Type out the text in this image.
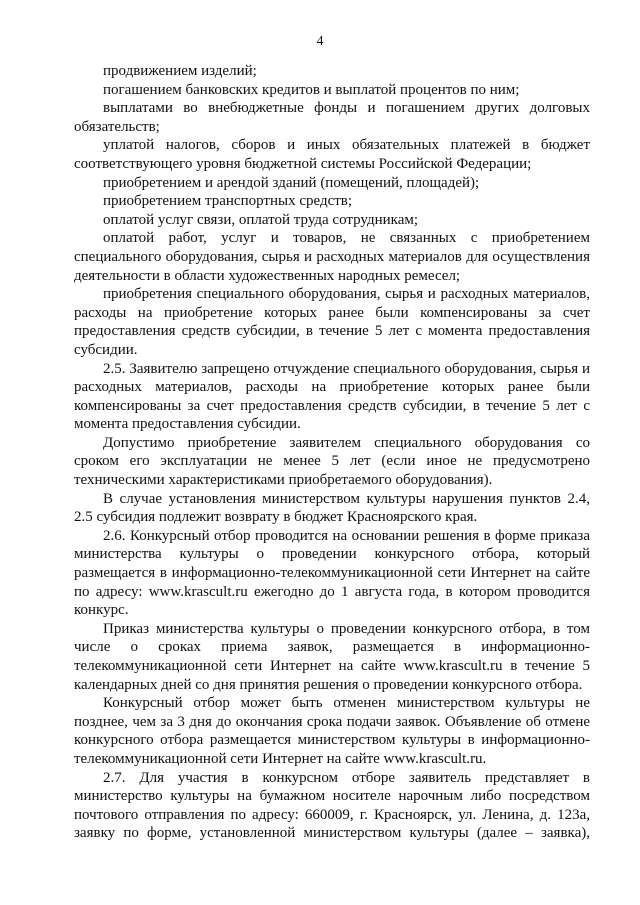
4

продвижением изделий;

погашением банковских кредитов и выплатой процентов по ним;

выплатами во внебюджетные фонды и погашением других долговых обязательств;

уплатой налогов, сборов и иных обязательных платежей в бюджет соответствующего уровня бюджетной системы Российской Федерации;

приобретением и арендой зданий (помещений, площадей);

приобретением транспортных средств;

оплатой услуг связи, оплатой труда сотрудникам;

оплатой работ, услуг и товаров, не связанных с приобретением специального оборудования, сырья и расходных материалов для осуществления деятельности в области художественных народных ремесел;

приобретения специального оборудования, сырья и расходных материалов, расходы на приобретение которых ранее были компенсированы за счет предоставления средств субсидии, в течение 5 лет с момента предоставления субсидии.

2.5. Заявителю запрещено отчуждение специального оборудования, сырья и расходных материалов, расходы на приобретение которых ранее были компенсированы за счет предоставления средств субсидии, в течение 5 лет с момента предоставления субсидии.

Допустимо приобретение заявителем специального оборудования со сроком его эксплуатации не менее 5 лет (если иное не предусмотрено техническими характеристиками приобретаемого оборудования).

В случае установления министерством культуры нарушения пунктов 2.4, 2.5 субсидия подлежит возврату в бюджет Красноярского края.

2.6. Конкурсный отбор проводится на основании решения в форме приказа министерства культуры о проведении конкурсного отбора, который размещается в информационно-телекоммуникационной сети Интернет на сайте по адресу: www.krascult.ru ежегодно до 1 августа года, в котором проводится конкурс.

Приказ министерства культуры о проведении конкурсного отбора, в том числе о сроках приема заявок, размещается в информационно-телекоммуникационной сети Интернет на сайте www.krascult.ru в течение 5 календарных дней со дня принятия решения о проведении конкурсного отбора.

Конкурсный отбор может быть отменен министерством культуры не позднее, чем за 3 дня до окончания срока подачи заявок. Объявление об отмене конкурсного отбора размещается министерством культуры в информационно-телекоммуникационной сети Интернет на сайте www.krascult.ru.

2.7. Для участия в конкурсном отборе заявитель представляет в министерство культуры на бумажном носителе нарочным либо посредством почтового отправления по адресу: 660009, г. Красноярск, ул. Ленина, д. 123а, заявку по форме, установленной министерством культуры (далее – заявка),
